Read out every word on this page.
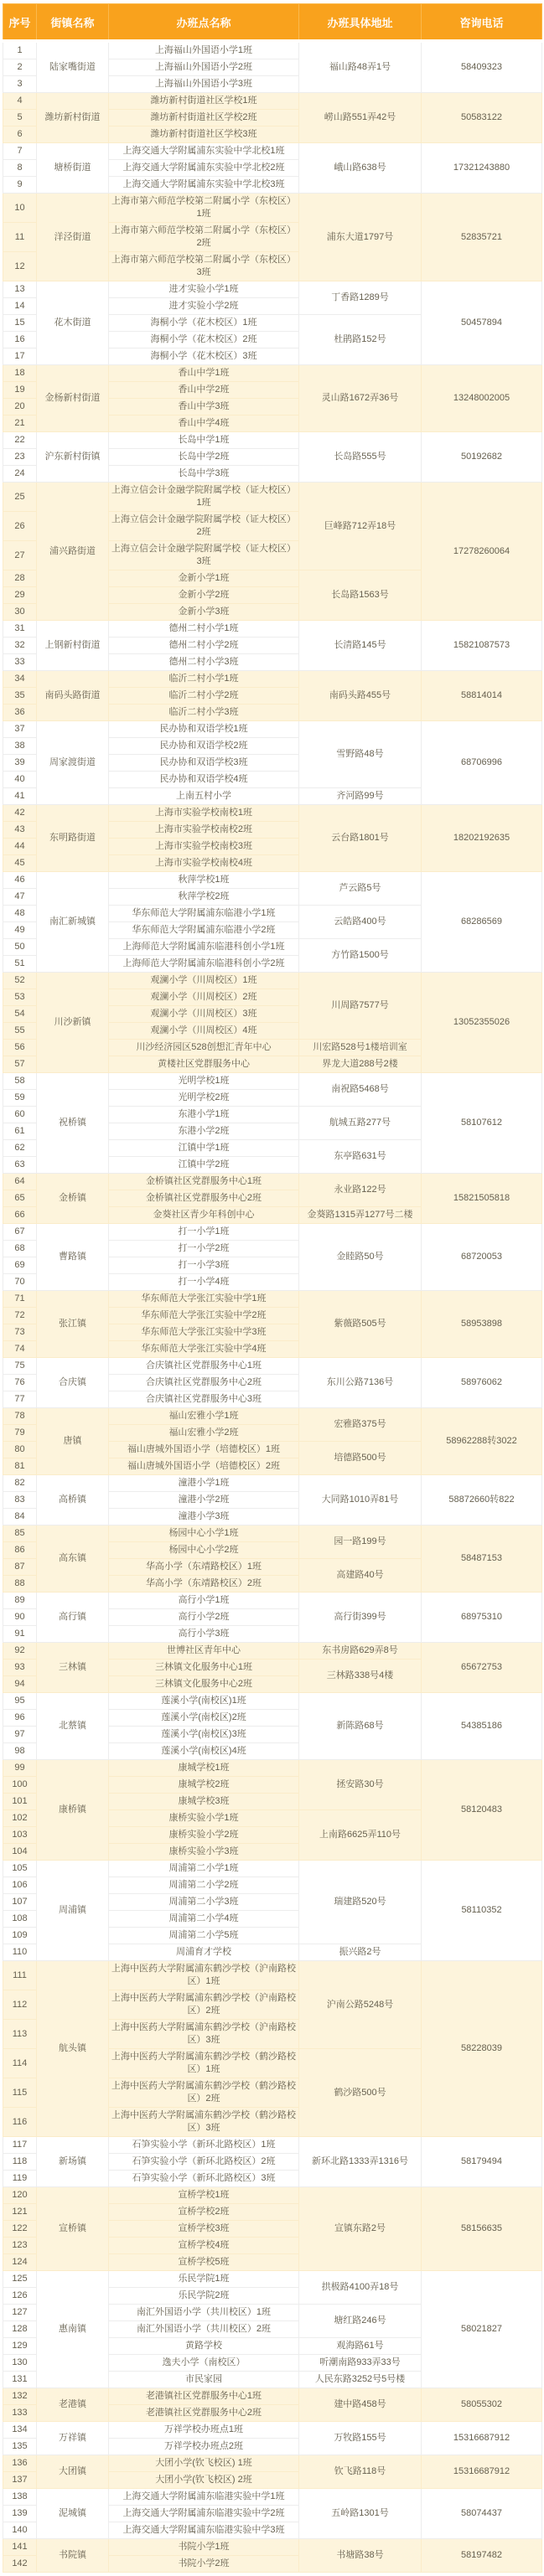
序号	街镇名称	办班点名称	办班具体地址	咨询电话
1	陆家嘴街道	上海福山外国语小学1班	福山路48弄1号	58409323
2		上海福山外国语小学2班		
3		上海福山外国语小学3班		
4	潍坊新村街道	潍坊新村街道社区学校1班	崂山路551弄42号	50583122
5		潍坊新村街道社区学校2班		
6		潍坊新村街道社区学校3班		
7	塘桥街道	上海交通大学附属浦东实验中学北校1班	峨山路638号	17321243880
8		上海交通大学附属浦东实验中学北校2班		
9		上海交通大学附属浦东实验中学北校3班		
10	洋泾街道	上海市第六师范学校第二附属小学（东校区）1班	浦东大道1797号	52835721
11		上海市第六师范学校第二附属小学（东校区）2班		
12		上海市第六师范学校第二附属小学（东校区）3班		
13	花木街道	进才实验小学1班	丁香路1289号	50457894
14		进才实验小学2班		
15		海桐小学（花木校区）1班	杜鹃路152号	
16		海桐小学（花木校区）2班		
17		海桐小学（花木校区）3班		
18	金杨新村街道	香山中学1班	灵山路1672弄36号	13248002005
19		香山中学2班		
20		香山中学3班		
21		香山中学4班		
22	沪东新村街镇	长岛中学1班	长岛路555号	50192682
23		长岛中学2班		
24		长岛中学3班		
25	浦兴路街道	上海立信会计金融学院附属学校（证大校区）1班	巨峰路712弄18号	17278260064
26		上海立信会计金融学院附属学校（证大校区）2班		
27		上海立信会计金融学院附属学校（证大校区）3班		
28		金新小学1班	长岛路1563号	
29		金新小学2班		
30		金新小学3班		
31	上钢新村街道	德州二村小学1班	长清路145号	15821087573
32		德州二村小学2班		
33		德州二村小学3班		
34	南码头路街道	临沂二村小学1班	南码头路455号	58814014
35		临沂二村小学2班		
36		临沂二村小学3班		
37	周家渡街道	民办协和双语学校1班	雪野路48号	68706996
38		民办协和双语学校2班		
39		民办协和双语学校3班		
40		民办协和双语学校4班		
41		上南五村小学	齐河路99号	
42	东明路街道	上海市实验学校南校1班	云台路1801号	18202192635
43		上海市实验学校南校2班		
44		上海市实验学校南校3班		
45		上海市实验学校南校4班		
46	南汇新城镇	秋萍学校1班	芦云路5号	68286569
47		秋萍学校2班		
48		华东师范大学附属浦东临港小学1班	云皓路400号	
49		华东师范大学附属浦东临港小学2班		
50		上海师范大学附属浦东临港科创小学1班	方竹路1500号	
51		上海师范大学附属浦东临港科创小学2班		
52	川沙新镇	观澜小学（川周校区）1班	川周路7577号	13052355026
53		观澜小学（川周校区）2班		
54		观澜小学（川周校区）3班		
55		观澜小学（川周校区）4班		
56		川沙经济园区528创想汇青年中心	川宏路528号1楼培训室	
57		黄楼社区党群服务中心	界龙大道288号2楼	
58	祝桥镇	光明学校1班	南祝路5468号	58107612
59		光明学校2班		
60		东港小学1班	航城五路277号	
61		东港小学2班		
62		江镇中学1班	东亭路631号	
63		江镇中学2班		
64	金桥镇	金桥镇社区党群服务中心1班	永业路122号	15821505818
65		金桥镇社区党群服务中心2班		
66		金葵社区青少年科创中心	金葵路1315弄1277号二楼	
67	曹路镇	打一小学1班	金睦路50号	68720053
68		打一小学2班		
69		打一小学3班		
70		打一小学4班		
71	张江镇	华东师范大学张江实验中学1班	紫薇路505号	58953898
72		华东师范大学张江实验中学2班		
73		华东师范大学张江实验中学3班		
74		华东师范大学张江实验中学4班		
75	合庆镇	合庆镇社区党群服务中心1班	东川公路7136号	58976062
76		合庆镇社区党群服务中心2班		
77		合庆镇社区党群服务中心3班		
78	唐镇	福山宏雅小学1班	宏雅路375号	58962288转3022
79		福山宏雅小学2班		
80		福山唐城外国语小学（培德校区）1班	培德路500号	
81		福山唐城外国语小学（培德校区）2班		
82	高桥镇	潼港小学1班	大同路1010弄81号	58872660转822
83		潼港小学2班		
84		潼港小学3班		
85	高东镇	杨园中心小学1班	园一路199号	58487153
86		杨园中心小学2班		
87		华高小学（东靖路校区）1班	高建路40号	
88		华高小学（东靖路校区）2班		
89	高行镇	高行小学1班	高行街399号	68975310
90		高行小学2班		
91		高行小学3班		
92	三林镇	世博社区青年中心	东书房路629弄8号	65672753
93		三林镇文化服务中心1班	三林路338号4楼	
94		三林镇文化服务中心2班		
95	北蔡镇	莲溪小学(南校区)1班	新陈路68号	54385186
96		莲溪小学(南校区)2班		
97		莲溪小学(南校区)3班		
98		莲溪小学(南校区)4班		
99	康桥镇	康城学校1班	拯安路30号	58120483
100		康城学校2班		
101		康城学校3班		
102		康桥实验小学1班	上南路6625弄110号	
103		康桥实验小学2班		
104		康桥实验小学3班		
105	周浦镇	周浦第二小学1班	瑞建路520号	58110352
106		周浦第二小学2班		
107		周浦第二小学3班		
108		周浦第二小学4班		
109		周浦第二小学5班		
110		周浦育才学校	振兴路2号	
111	航头镇	上海中医药大学附属浦东鹤沙学校（沪南路校区）1班	沪南公路5248号	58228039
112		上海中医药大学附属浦东鹤沙学校（沪南路校区）2班		
113		上海中医药大学附属浦东鹤沙学校（沪南路校区）3班		
114		上海中医药大学附属浦东鹤沙学校（鹤沙路校区）1班	鹤沙路500号	
115		上海中医药大学附属浦东鹤沙学校（鹤沙路校区）2班		
116		上海中医药大学附属浦东鹤沙学校（鹤沙路校区）3班		
117	新场镇	石笋实验小学（新环北路校区）1班	新环北路1333弄1316号	58179494
118		石笋实验小学（新环北路校区）2班		
119		石笋实验小学（新环北路校区）3班		
120	宣桥镇	宣桥学校1班	宣镇东路2号	58156635
121		宣桥学校2班		
122		宣桥学校3班		
123		宣桥学校4班		
124		宣桥学校5班		
125	惠南镇	乐民学院1班	拱极路4100弄18号	58021827
126		乐民学院2班		
127		南汇外国语小学（共川校区）1班	塘红路246号	
128		南汇外国语小学（共川校区）2班		
129		黄路学校	观海路61号	
130		逸夫小学（南校区）	听潮南路933弄33号	
131		市民家园	人民东路3252号5号楼	
132	老港镇	老港镇社区党群服务中心1班	建中路458号	58055302
133		老港镇社区党群服务中心2班		
134	万祥镇	万祥学校办班点1班	万牧路155号	15316687912
135		万祥学校办班点2班		
136	大团镇	大团小学(钦飞校区) 1班	钦飞路118号	15316687912
137		大团小学(钦飞校区) 2班		
138	泥城镇	上海交通大学附属浦东临港实验中学1班	五岭路1301号	58074437
139		上海交通大学附属浦东临港实验中学2班		
140		上海交通大学附属浦东临港实验中学3班		
141	书院镇	书院小学1班	书塘路38号	58197482
142		书院小学2班		
